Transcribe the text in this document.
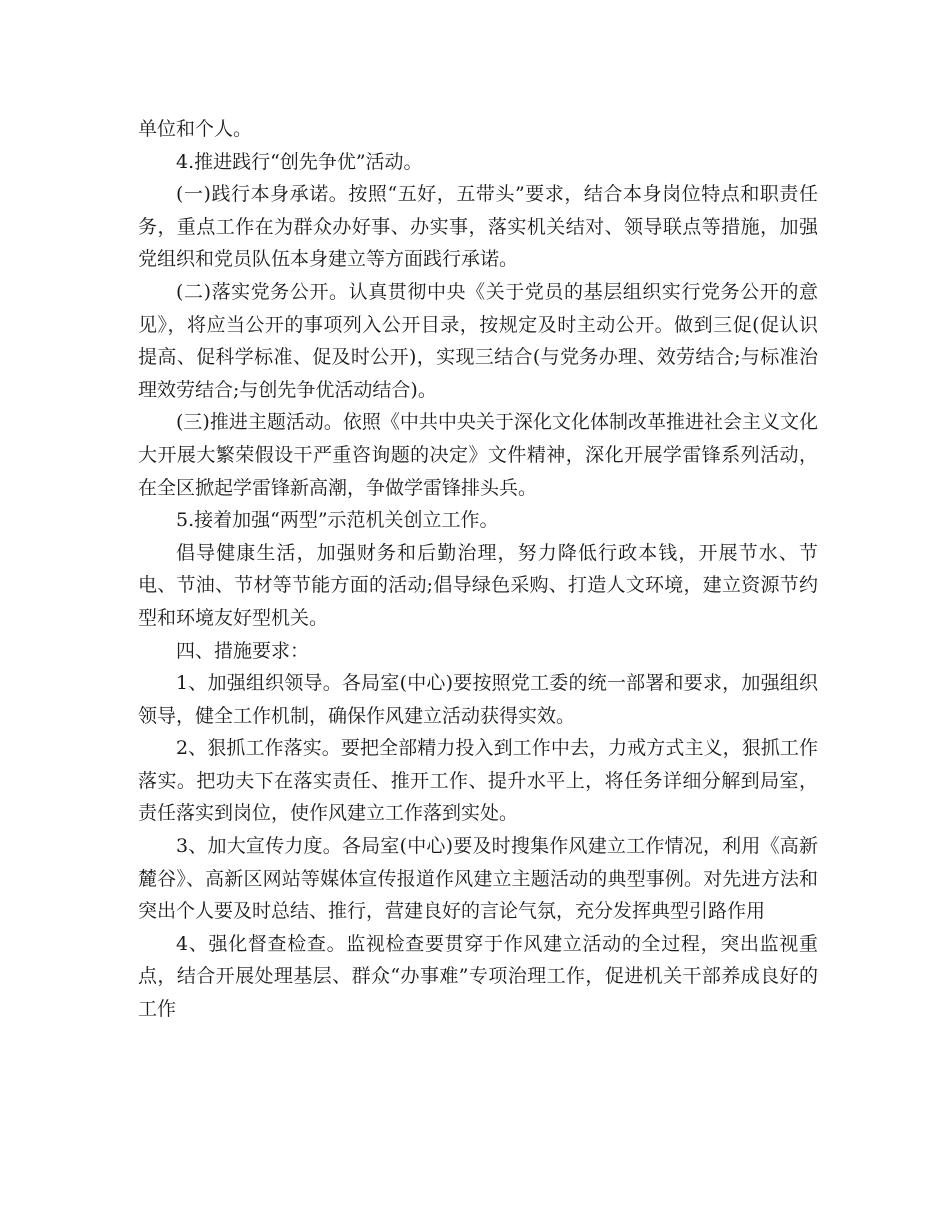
单位和个人。

4.推进践行“创先争优”活动。

(一)践行本身承诺。按照“五好，五带头”要求，结合本身岗位特点和职责任务，重点工作在为群众办好事、办实事，落实机关结对、领导联点等措施，加强党组织和党员队伍本身建立等方面践行承诺。

(二)落实党务公开。认真贯彻中央《关于党员的基层组织实行党务公开的意见》，将应当公开的事项列入公开目录，按规定及时主动公开。做到三促(促认识提高、促科学标准、促及时公开)，实现三结合(与党务办理、效劳结合;与标准治理效劳结合;与创先争优活动结合)。

(三)推进主题活动。依照《中共中央关于深化文化体制改革推进社会主义文化大开展大繁荣假设干严重咨询题的决定》文件精神，深化开展学雷锋系列活动，在全区掀起学雷锋新高潮，争做学雷锋排头兵。

5.接着加强“两型”示范机关创立工作。

倡导健康生活，加强财务和后勤治理，努力降低行政本钱，开展节水、节电、节油、节材等节能方面的活动;倡导绿色采购、打造人文环境，建立资源节约型和环境友好型机关。

四、措施要求：

1、加强组织领导。各局室(中心)要按照党工委的统一部署和要求，加强组织领导，健全工作机制，确保作风建立活动获得实效。

2、狠抓工作落实。要把全部精力投入到工作中去，力戒方式主义，狠抓工作落实。把功夫下在落实责任、推开工作、提升水平上，将任务详细分解到局室，责任落实到岗位，使作风建立工作落到实处。

3、加大宣传力度。各局室(中心)要及时搜集作风建立工作情况，利用《高新麓谷》、高新区网站等媒体宣传报道作风建立主题活动的典型事例。对先进方法和突出个人要及时总结、推行，营建良好的言论气氛，充分发挥典型引路作用

4、强化督查检查。监视检查要贯穿于作风建立活动的全过程，突出监视重点，结合开展处理基层、群众“办事难”专项治理工作，促进机关干部养成良好的工作
